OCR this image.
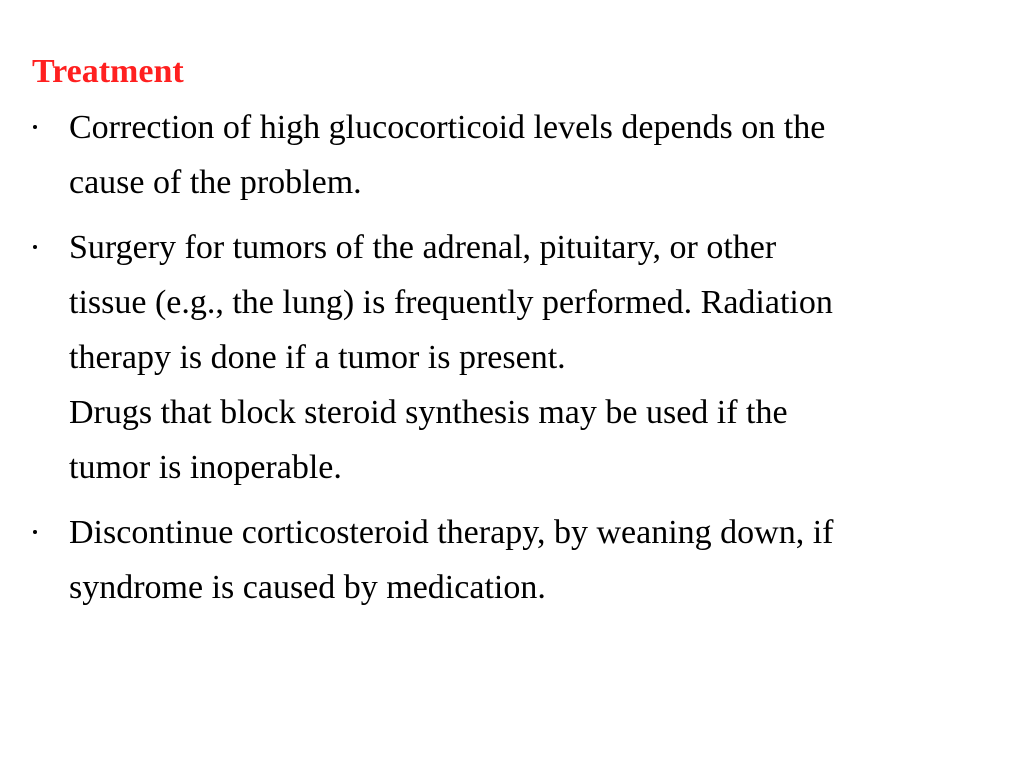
Treatment
Correction of high glucocorticoid levels depends on the
cause of the problem.
Surgery for tumors of the adrenal, pituitary, or other
tissue (e.g., the lung) is frequently performed. Radiation
therapy is done if a tumor is present.
Drugs that block steroid synthesis may be used if the
tumor is inoperable.
Discontinue corticosteroid therapy, by weaning down, if
syndrome is caused by medication.
